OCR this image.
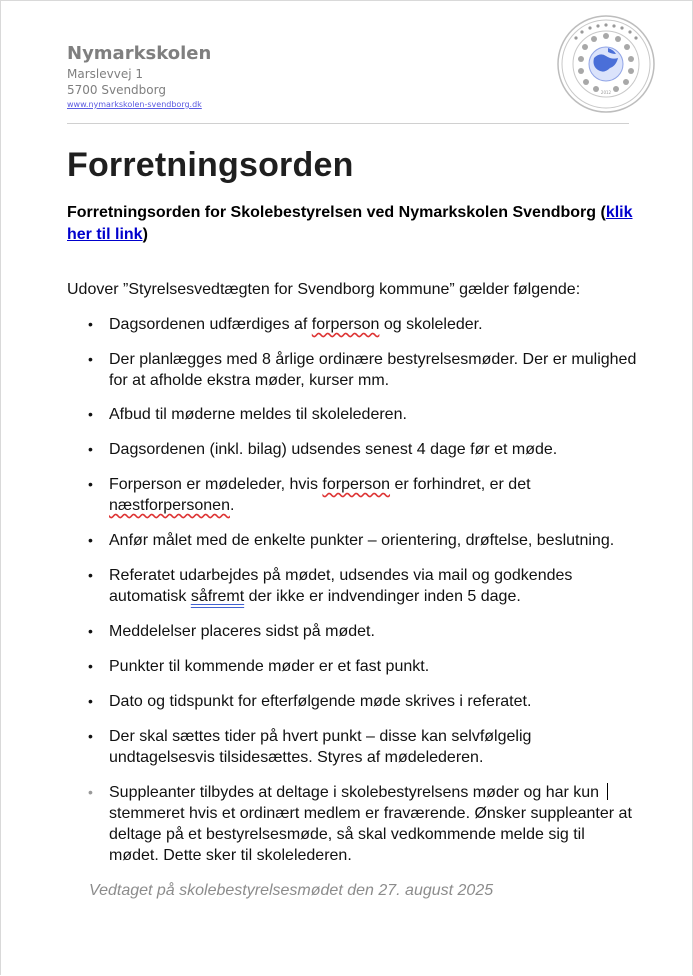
Nymarkskolen
Marslevvej 1
5700 Svendborg
www.nymarkskolen-svendborg.dk
2012
Forretningsorden
Forretningsorden for Skolebestyrelsen ved Nymarkskolen Svendborg (klik her til link)
Udover ”Styrelsesvedtægten for Svendborg kommune” gælder følgende:
• Dagsordenen udfærdiges af forperson og skoleleder.
• Der planlægges med 8 årlige ordinære bestyrelsesmøder. Der er mulighed for at afholde ekstra møder, kurser mm.
• Afbud til møderne meldes til skolelederen.
• Dagsordenen (inkl. bilag) udsendes senest 4 dage før et møde.
• Forperson er mødeleder, hvis forperson er forhindret, er det næstforpersonen.
• Anfør målet med de enkelte punkter – orientering, drøftelse, beslutning.
• Referatet udarbejdes på mødet, udsendes via mail og godkendes automatisk såfremt der ikke er indvendinger inden 5 dage.
• Meddelelser placeres sidst på mødet.
• Punkter til kommende møder er et fast punkt.
• Dato og tidspunkt for efterfølgende møde skrives i referatet.
• Der skal sættes tider på hvert punkt – disse kan selvfølgelig undtagelsesvis tilsidesættes. Styres af mødelederen.
• Suppleanter tilbydes at deltage i skolebestyrelsens møder og har kun
stemmeret hvis et ordinært medlem er fraværende. Ønsker suppleanter at deltage på et bestyrelsesmøde, så skal vedkommende melde sig til mødet. Dette sker til skolelederen.
Vedtaget på skolebestyrelsesmødet den 27. august 2025
